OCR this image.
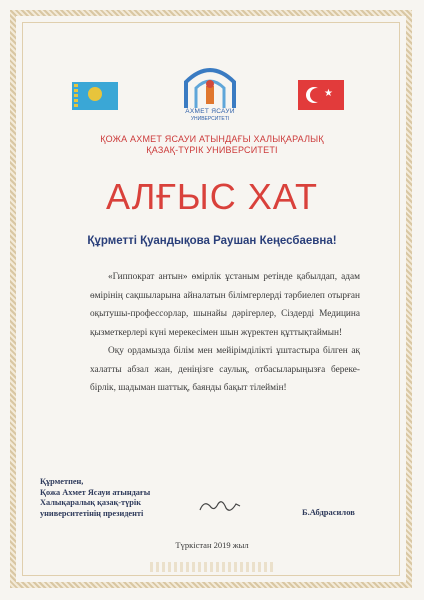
АХМЕТ ЯСАУИ
УНИВЕРСИТЕТІ
★
ҚОЖА АХМЕТ ЯСАУИ АТЫНДАҒЫ ХАЛЫҚАРАЛЫҚ
ҚАЗАҚ-ТҮРІК УНИВЕРСИТЕТІ
АЛҒЫС ХАТ
Құрметті Қуандықова Раушан Кеңесбаевна!

«Гиппократ антын» өмірлік ұстаным ретінде қабылдап, адам өмірінің сақшыларына айналатын білімгерлерді тәрбиелеп отырған оқытушы-профессорлар, шынайы дәрігерлер, Сіздерді Медицина қызметкерлері күні мерекесімен шын жүректен құттықтаймын!

Оқу ордамызда білім мен мейірімділікті ұштастыра білген ақ халатты абзал жан, денiңізге саулық, отбасыларыңызға береке-бірлік, шадыман шаттық, баянды бақыт тілеймін!

Құрметпен,
Қожа Ахмет Ясауи атындағы
Халықаралық қазақ-түрік
университетінің президенті	Б.Абдрасилов
Түркістан 2019 жыл
